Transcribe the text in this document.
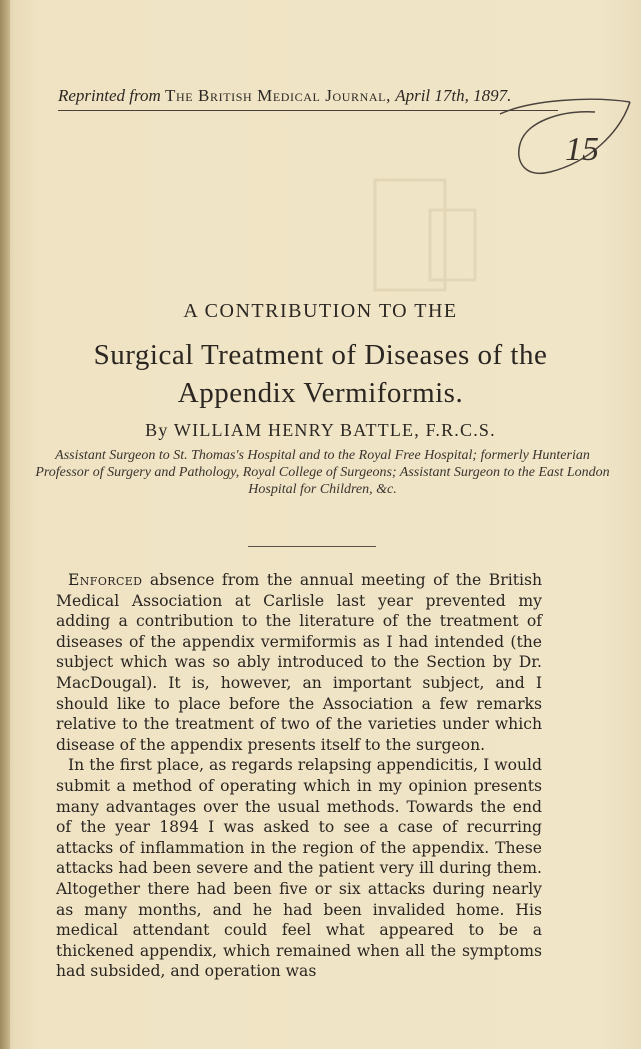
Reprinted from The British Medical Journal, April 17th, 1897.
15
A CONTRIBUTION TO THE
Surgical Treatment of Diseases of the
Appendix Vermiformis.
By WILLIAM HENRY BATTLE, F.R.C.S.
Assistant Surgeon to St. Thomas's Hospital and to the Royal Free Hospital; formerly Hunterian Professor of Surgery and Pathology, Royal College of Surgeons; Assistant Surgeon to the East London Hospital for Children, &c.

Enforced absence from the annual meeting of the British Medical Association at Carlisle last year prevented my adding a contribution to the literature of the treatment of diseases of the appendix vermiformis as I had intended (the subject which was so ably introduced to the Section by Dr. MacDougal). It is, however, an important subject, and I should like to place before the Association a few remarks relative to the treatment of two of the varieties under which disease of the appendix presents itself to the surgeon.

In the first place, as regards relapsing appendicitis, I would submit a method of operating which in my opinion presents many advantages over the usual methods. Towards the end of the year 1894 I was asked to see a case of recurring attacks of inflammation in the region of the appendix. These attacks had been severe and the patient very ill during them. Altogether there had been five or six attacks during nearly as many months, and he had been invalided home. His medical attendant could feel what appeared to be a thickened appendix, which remained when all the symptoms had subsided, and operation was
